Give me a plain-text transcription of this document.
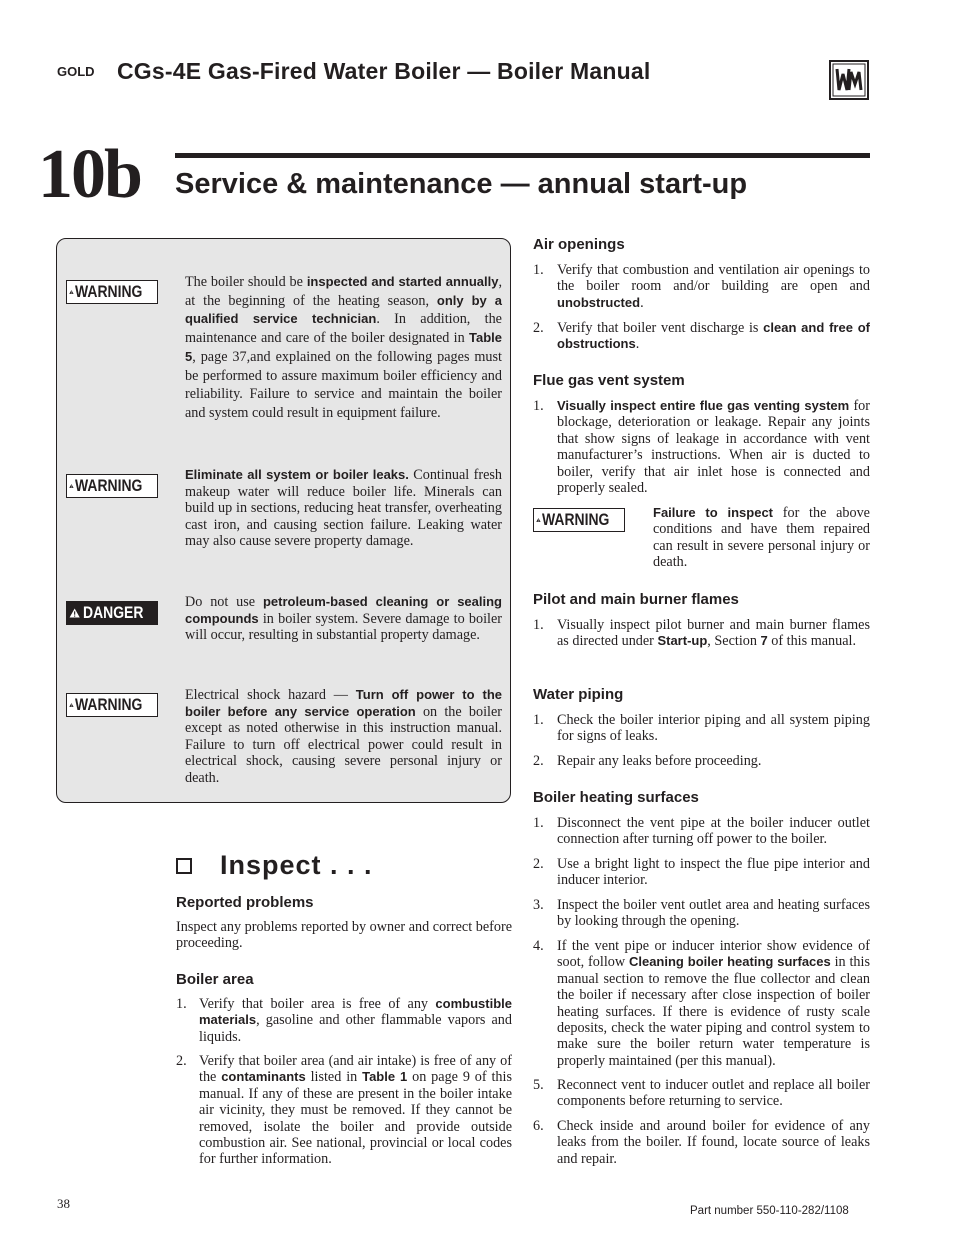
GOLD CGs-4E Gas-Fired Water Boiler — Boiler Manual
10b Service & maintenance — annual start-up
WARNING	The boiler should be inspected and started annually, at the beginning of the heating season, only by a qualified service technician. In addition, the maintenance and care of the boiler designated in Table 5, page 37,and explained on the following pages must be performed to assure maximum boiler efficiency and reliability. Failure to service and maintain the boiler and system could result in equipment failure.
WARNING
Eliminate all system or boiler leaks. Continual fresh makeup water will reduce boiler life. Minerals can build up in sections, reducing heat transfer, overheating cast iron, and causing section failure. Leaking water may also cause severe property damage.
DANGER
Do not use petroleum-based cleaning or sealing compounds in boiler system. Severe damage to boiler will occur, resulting in substantial property damage.
WARNING	Electrical shock hazard — Turn off power to the boiler before any service operation on the boiler except as noted otherwise in this instruction manual. Failure to turn off electrical power could result in electrical shock, causing severe personal injury or death.
Inspect . . .
Reported problems
Inspect any problems reported by owner and correct before proceeding.
Boiler area
1. Verify that boiler area is free of any combustible materials, gasoline and other flammable vapors and liquids.
2. Verify that boiler area (and air intake) is free of any of the contaminants listed in Table 1 on page 9 of this manual. If any of these are present in the boiler intake air vicinity, they must be removed. If they cannot be removed, isolate the boiler and provide outside combustion air. See national, provincial or local codes for further information.
Air openings
1. Verify that combustion and ventilation air openings to the boiler room and/or building are open and unobstructed.
2. Verify that boiler vent discharge is clean and free of obstructions.
Flue gas vent system
1. Visually inspect entire flue gas venting system for blockage, deterioration or leakage. Repair any joints that show signs of leakage in accordance with vent manufacturer’s instructions. When air is ducted to boiler, verify that air inlet hose is connected and properly sealed.
WARNING	Failure to inspect for the above conditions and have them repaired can result in severe personal injury or death.
Pilot and main burner flames
1. Visually inspect pilot burner and main burner flames as directed under Start-up, Section 7 of this manual.
Water piping
1. Check the boiler interior piping and all system piping for signs of leaks.
2. Repair any leaks before proceeding.
Boiler heating surfaces
1. Disconnect the vent pipe at the boiler inducer outlet connection after turning off power to the boiler.
2. Use a bright light to inspect the flue pipe interior and inducer interior.
3. Inspect the boiler vent outlet area and heating surfaces by looking through the opening.
4. If the vent pipe or inducer interior show evidence of soot, follow Cleaning boiler heating surfaces in this manual section to remove the flue collector and clean the boiler if necessary after close inspection of boiler heating surfaces. If there is evidence of rusty scale deposits, check the water piping and control system to make sure the boiler return water temperature is properly maintained (per this manual).
5. Reconnect vent to inducer outlet and replace all boiler components before returning to service.
6. Check inside and around boiler for evidence of any leaks from the boiler. If found, locate source of leaks and repair.
38	Part number 550-110-282/1108
